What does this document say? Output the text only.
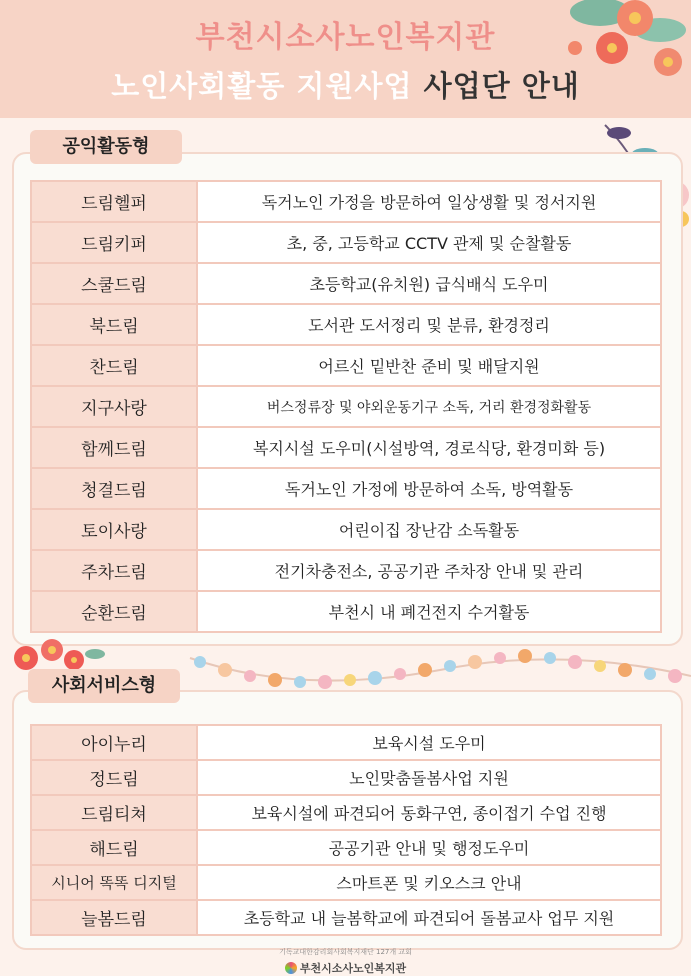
부천시소사노인복지관
노인사회활동 지원사업 사업단 안내
공익활동형
드림헬퍼	독거노인 가정을 방문하여 일상생활 및 정서지원
드림키퍼	초, 중, 고등학교 CCTV 관제 및 순찰활동
스쿨드림	초등학교(유치원) 급식배식 도우미
북드림	도서관 도서정리 및 분류, 환경정리
찬드림	어르신 밑반찬 준비 및 배달지원
지구사랑	버스정류장 및 야외운동기구 소독, 거리 환경정화활동
함께드림	복지시설 도우미(시설방역, 경로식당, 환경미화 등)
청결드림	독거노인 가정에 방문하여 소독, 방역활동
토이사랑	어린이집 장난감 소독활동
주차드림	전기차충전소, 공공기관 주차장 안내 및 관리
순환드림	부천시 내 폐건전지 수거활동
사회서비스형
아이누리	보육시설 도우미
정드림	노인맞춤돌봄사업 지원
드림티쳐	보육시설에 파견되어 동화구연, 종이접기 수업 진행
해드림	공공기관 안내 및 행정도우미
시니어 똑똑 디지털	스마트폰 및 키오스크 안내
늘봄드림	초등학교 내 늘봄학교에 파견되어 돌봄교사 업무 지원
기독교대한감리회사회복지재단 127개 교회
부천시소사노인복지관
